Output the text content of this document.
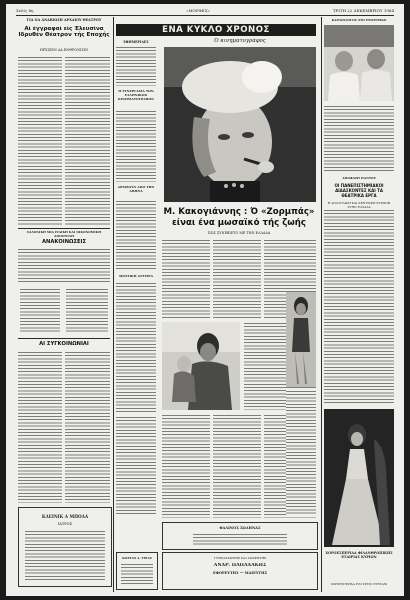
Σελίς 6η	«ΜΟΡΦΕΣ»	ΤΡΙΤΗ 22 ΔΕΚΕΜΒΡΙΟΥ 1964
ΓΙΑ ΝΑ ΑΝΑΒΙΩΣΗ ΑΡΧΑΙΟΥ ΘΕΑΤΡΟΥ
Αί έγγραφαί είς Έλευσίνα Ιδρυθέν Θέατρον τής Εποχής
ΗΡΧΙΣΕΝ ΔΑ ΕΝΘΡΟΝΙΣΙΝ
ΣΑΛΟΝΙΚΗ ΜΙΑ ΕΙΔΙΚΗ ΚΑΙ ΟΙΚΟΝΟΜΙΚΗ ΑΠΟΣΤΟΛΗ
ΑΝΑΚΟΙΝΩΣΕΙΣ
ΑΙ ΣΥΓΚΟΙΝΩΝΙΑΙ
ΚΛΕΙΝΙΚ Α ΜΠΟΛΑ
ΙΑΤΡΟΣ
ΕΝΑ ΚΥΚΛΟ ΧΡΟΝΟΣ
ΕΦΗΜΕΡΙΔΕΣ
Η ΣΥΝΕΡΓΑΣΙΑ ΤΩΝ ΕΛΛΗΝΙΚΩΝ ΚΙΝΗΜΑΤΟΓΡΑΦΩΝ
ΑΡΧΙΖΟΥΝ ΑΠΟ ΤΗΝ ΑΘΗΝΑ
Ό κινηματογράφος
Μ. Κακογιάννης : Ό «Ζορμπάς»
είναι ένα μωσαϊκό τής ζωής
ΠΩΣ ΣΥΝΕΒΙΕΤΟ ΜΕ ΤΗΝ ΕΛΛΑΔΑ
ΜΟΥΣΙΚΗ ΑΣΤΕΡΙΑ
ΦΑΛΙΝΟΣ ΣΩΛΗΝΑΣ
ΚΟΣΤΑΣ Α. ΤΡΙΑΣ	ΓΥΜΝΑΣΙΑΡΧΗΣ ΚΑΙ ΔΙΟΙΚΗΤΗΣ
ΑΝΔΡ. ΠΑΠΑΔΑΚΗΣ
ΕΦΟΡΕΥΤΗΣ — ΜΑΙΕΥΤΗΣ
ΚΑΡΔΙΟΛΟΓΟΣ ΣΤΟ ΕΞΩΤΕΡΙΚΟ
ΑΠΟΦΑΣΗ ΠΑΝΤΟΣ
ΟΙ ΠΑΝΕΠΙΣΤΗΜΙΑΚΟΙ ΔΙΔΑΣΚΟΝΤΕΣ ΚΑΙ ΤΑ ΘΕΑΤΡΙΚΑ ΕΡΓΑ
Η ΑΝΑΤΟΛΙΚΗ ΚΑΙ ΚΕΝΤΡΙΚΗ ΕΥΡΩΠΗ ΣΤΗΝ ΕΛΛΑΔΑ
ΧΟΡΟΕΣΠΕΡΙΔΑ ΦΙΛΑΝΘΡΩΠΙΚΗΣ ΕΤΑΙΡΙΑΣ ΚΥΡΙΩΝ
ΧΟΡΟΕΣΠΕΡΙΔΑ ΣΤΟ ΧΡΥΣΟ ΣΤΕΦΑΝΙ
